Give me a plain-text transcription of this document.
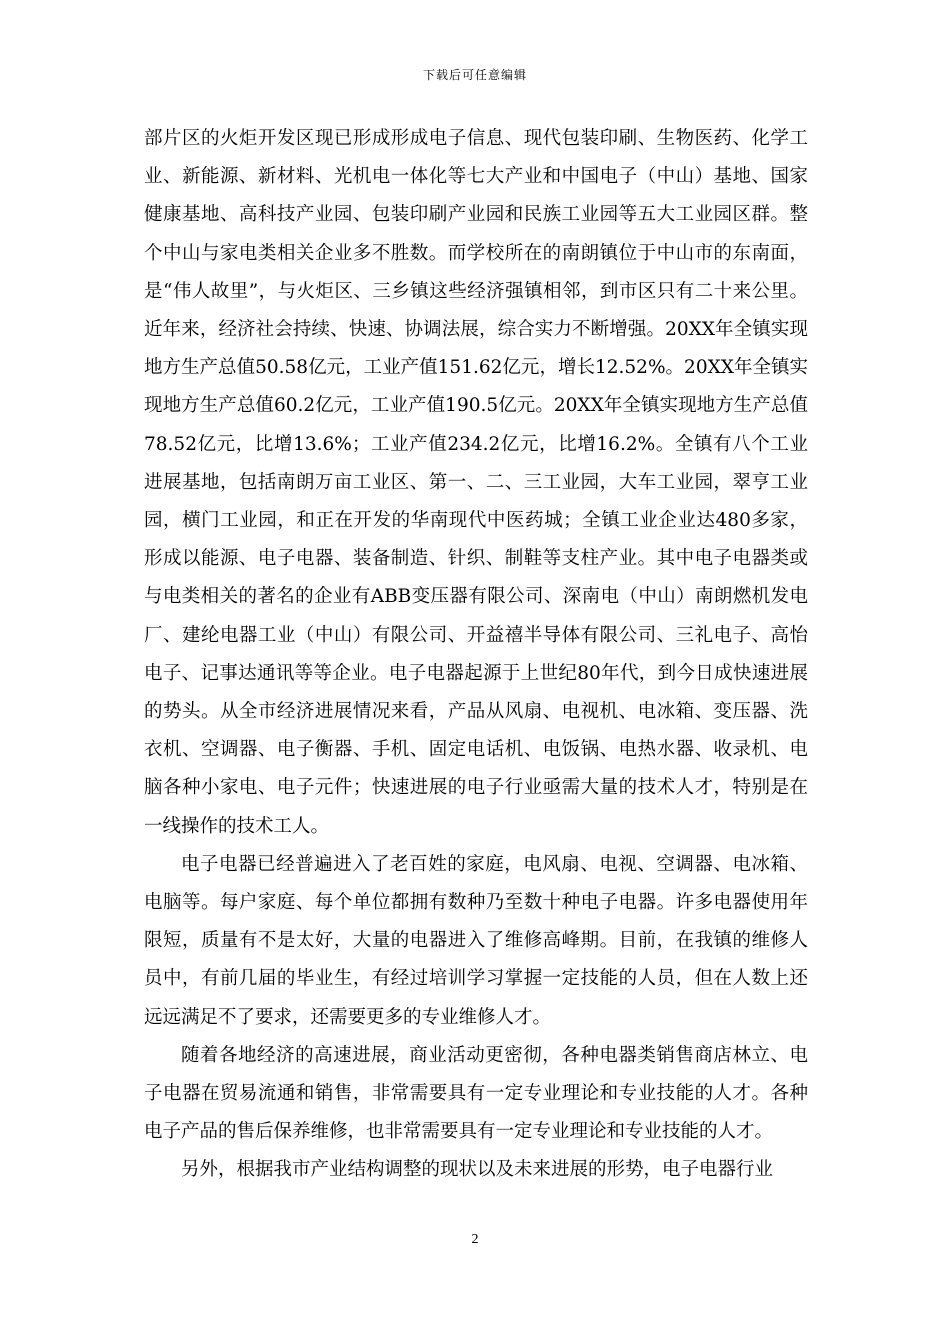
下载后可任意编辑

部片区的火炬开发区现已形成形成电子信息、现代包装印刷、生物医药、化学工业、新能源、新材料、光机电一体化等七大产业和中国电子（中山）基地、国家健康基地、高科技产业园、包装印刷产业园和民族工业园等五大工业园区群。整个中山与家电类相关企业多不胜数。而学校所在的南朗镇位于中山市的东南面，是“伟人故里”，与火炬区、三乡镇这些经济强镇相邻，到市区只有二十来公里。近年来，经济社会持续、快速、协调法展，综合实力不断增强。20XX年全镇实现地方生产总值50.58亿元，工业产值151.62亿元，增长12.52%。20XX年全镇实现地方生产总值60.2亿元，工业产值190.5亿元。20XX年全镇实现地方生产总值78.52亿元，比增13.6%；工业产值234.2亿元，比增16.2%。全镇有八个工业进展基地，包括南朗万亩工业区、第一、二、三工业园，大车工业园，翠亨工业园，横门工业园，和正在开发的华南现代中医药城；全镇工业企业达480多家，形成以能源、电子电器、装备制造、针织、制鞋等支柱产业。其中电子电器类或与电类相关的著名的企业有ABB变压器有限公司、深南电（中山）南朗燃机发电厂、建纶电器工业（中山）有限公司、开益禧半导体有限公司、三礼电子、高怡电子、记事达通讯等等企业。电子电器起源于上世纪80年代，到今日成快速进展的势头。从全市经济进展情况来看，产品从风扇、电视机、电冰箱、变压器、洗衣机、空调器、电子衡器、手机、固定电话机、电饭锅、电热水器、收录机、电脑各种小家电、电子元件；快速进展的电子行业亟需大量的技术人才，特别是在一线操作的技术工人。

电子电器已经普遍进入了老百姓的家庭，电风扇、电视、空调器、电冰箱、电脑等。每户家庭、每个单位都拥有数种乃至数十种电子电器。许多电器使用年限短，质量有不是太好，大量的电器进入了维修高峰期。目前，在我镇的维修人员中，有前几届的毕业生，有经过培训学习掌握一定技能的人员，但在人数上还远远满足不了要求，还需要更多的专业维修人才。

随着各地经济的高速进展，商业活动更密彻，各种电器类销售商店林立、电子电器在贸易流通和销售，非常需要具有一定专业理论和专业技能的人才。各种电子产品的售后保养维修，也非常需要具有一定专业理论和专业技能的人才。

另外，根据我市产业结构调整的现状以及未来进展的形势，电子电器行业

2
